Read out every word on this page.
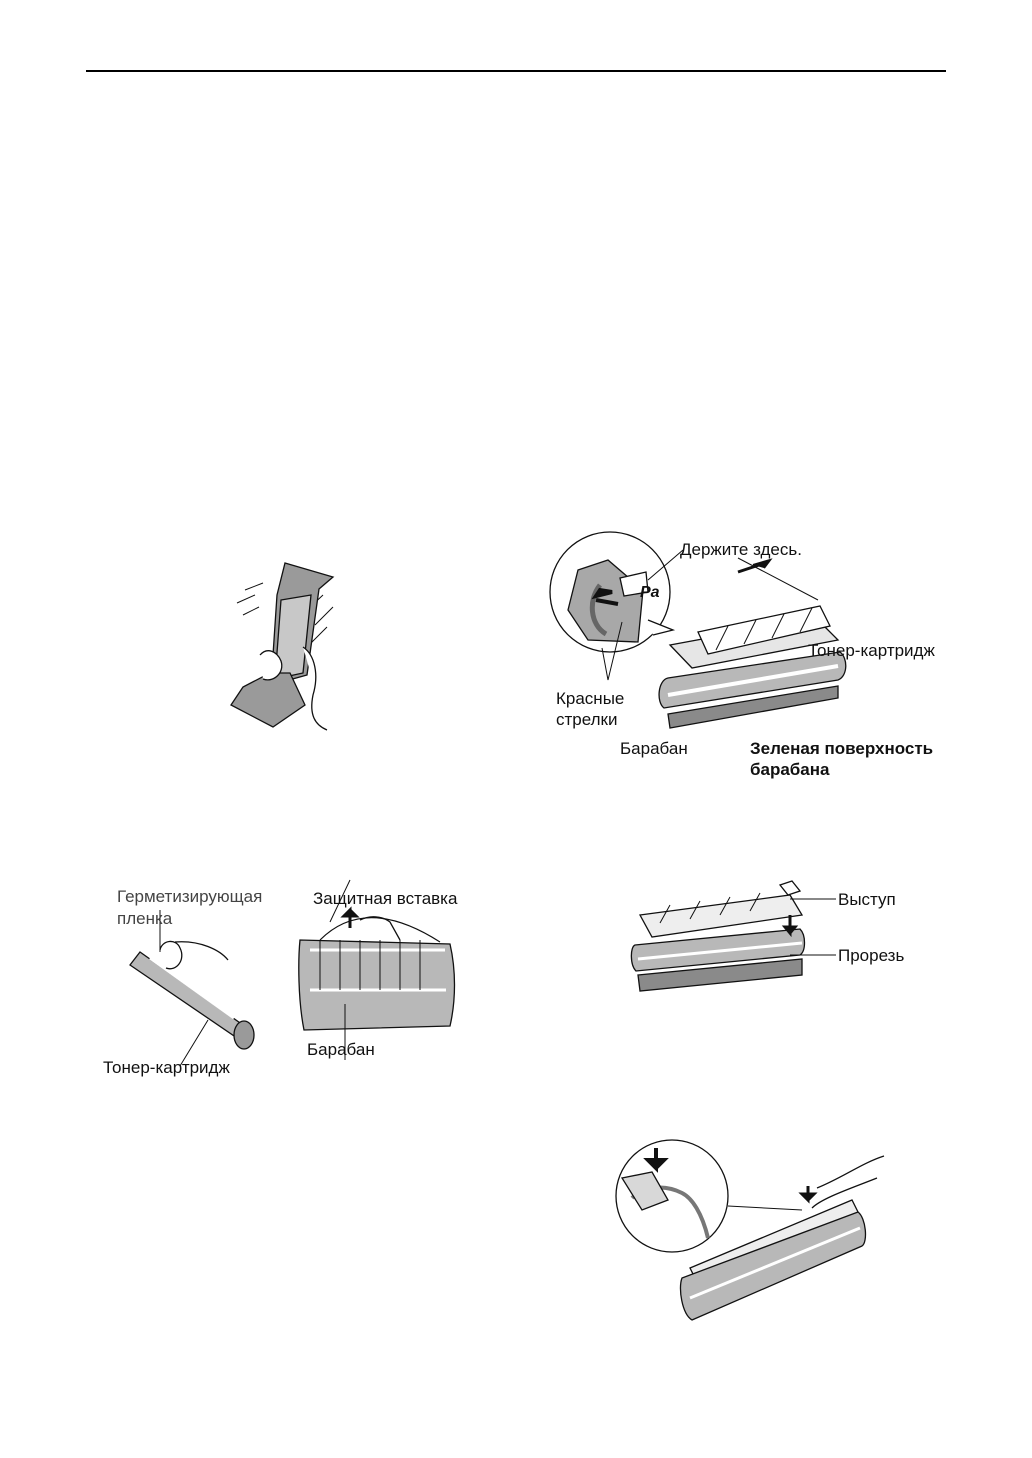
Pa
Держите здесь.
Тонер-картридж
Красные
стрелки
Барабан	Зеленая поверхность
барабана
Герметизирующая
пленка
Защитная вставка
Тонер-картридж
Барабан
Выступ
Прорезь
